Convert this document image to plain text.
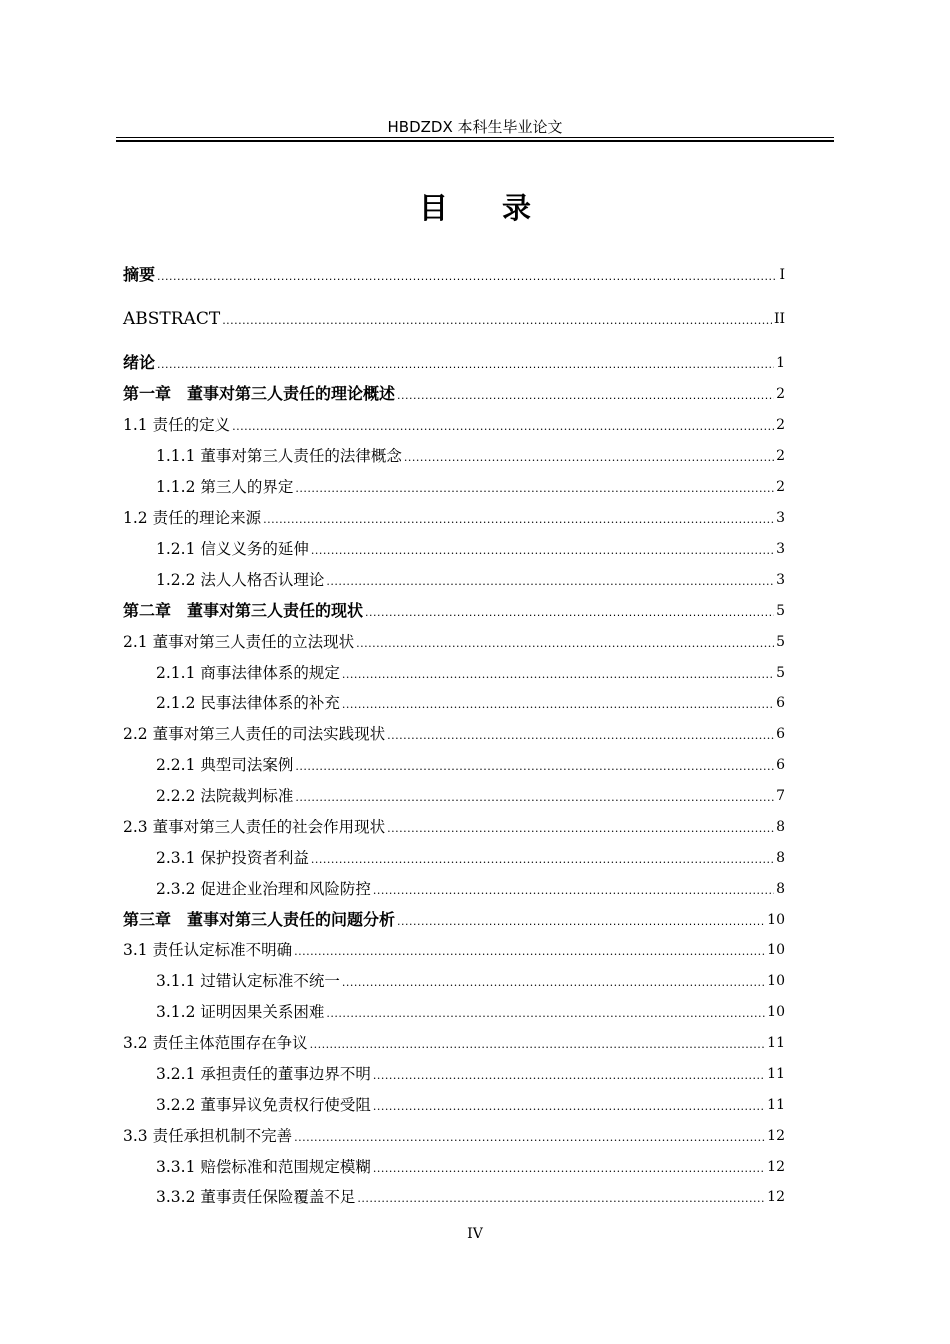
HBDZDX 本科生毕业论文
目 录
摘要 .....	I
ABSTRACT .....	II
绪论 .....	1
第一章　董事对第三人责任的理论概述 .....	2
1.1 责任的定义 .....	2
1.1.1 董事对第三人责任的法律概念 .....	2
1.1.2 第三人的界定 .....	2
1.2 责任的理论来源 .....	3
1.2.1 信义义务的延伸 .....	3
1.2.2 法人人格否认理论 .....	3
第二章　董事对第三人责任的现状 .....	5
2.1 董事对第三人责任的立法现状 .....	5
2.1.1 商事法律体系的规定 .....	5
2.1.2 民事法律体系的补充 .....	6
2.2 董事对第三人责任的司法实践现状 .....	6
2.2.1 典型司法案例 .....	6
2.2.2 法院裁判标准 .....	7
2.3 董事对第三人责任的社会作用现状 .....	8
2.3.1 保护投资者利益 .....	8
2.3.2 促进企业治理和风险防控 .....	8
第三章　董事对第三人责任的问题分析 .....	10
3.1 责任认定标准不明确 .....	10
3.1.1 过错认定标准不统一 .....	10
3.1.2 证明因果关系困难 .....	10
3.2 责任主体范围存在争议 .....	11
3.2.1 承担责任的董事边界不明 .....	11
3.2.2 董事异议免责权行使受阻 .....	11
3.3 责任承担机制不完善 .....	12
3.3.1 赔偿标准和范围规定模糊 .....	12
3.3.2 董事责任保险覆盖不足 .....	12
IV
